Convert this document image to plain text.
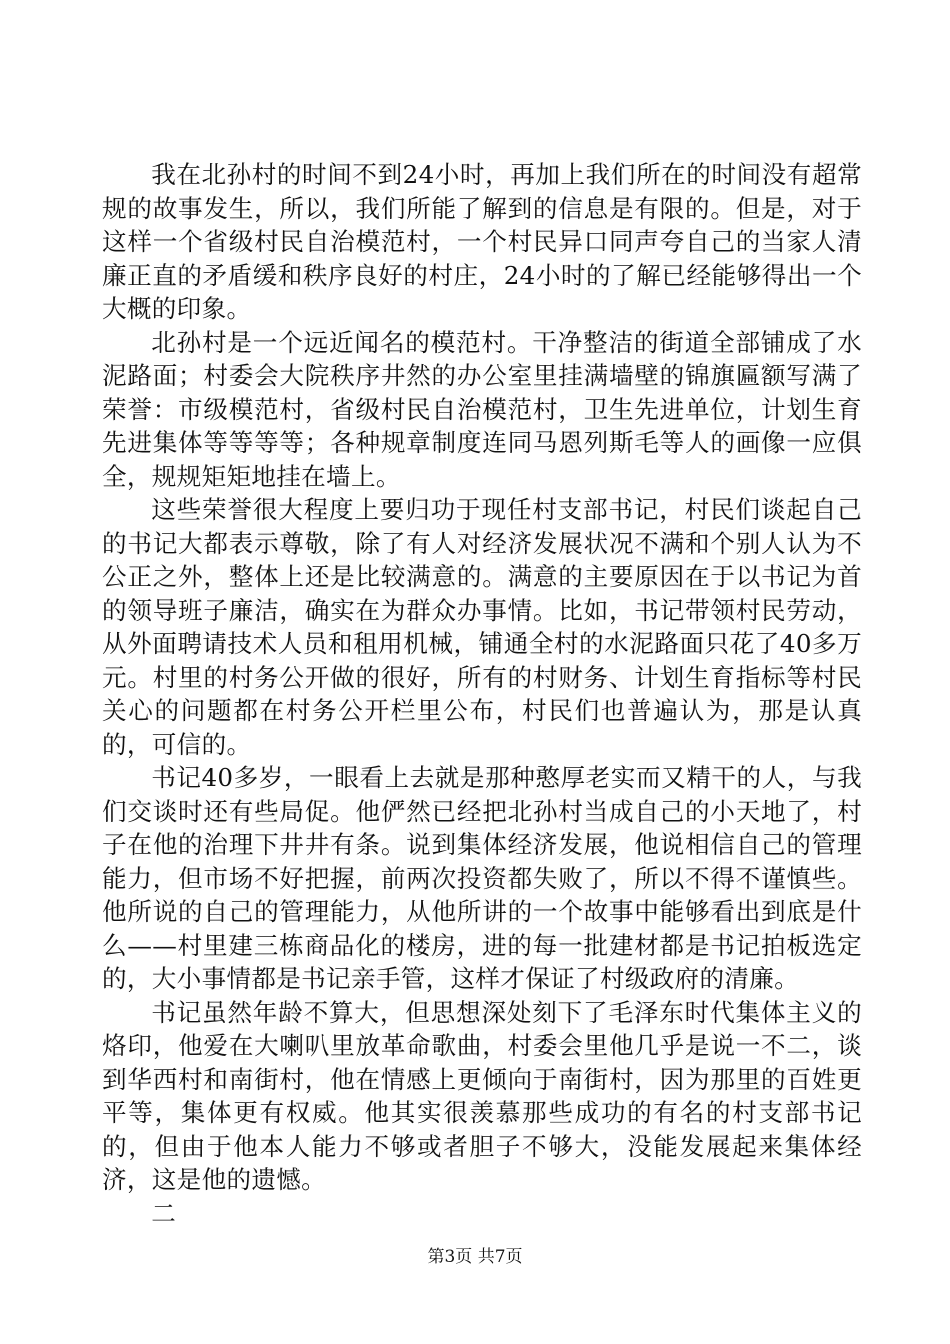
我在北孙村的时间不到24小时，再加上我们所在的时间没有超常规的故事发生，所以，我们所能了解到的信息是有限的。但是，对于这样一个省级村民自治模范村，一个村民异口同声夸自己的当家人清廉正直的矛盾缓和秩序良好的村庄，24小时的了解已经能够得出一个大概的印象。

北孙村是一个远近闻名的模范村。干净整洁的街道全部铺成了水泥路面；村委会大院秩序井然的办公室里挂满墙壁的锦旗匾额写满了荣誉：市级模范村，省级村民自治模范村，卫生先进单位，计划生育先进集体等等等等；各种规章制度连同马恩列斯毛等人的画像一应俱全，规规矩矩地挂在墙上。

这些荣誉很大程度上要归功于现任村支部书记，村民们谈起自己的书记大都表示尊敬，除了有人对经济发展状况不满和个别人认为不公正之外，整体上还是比较满意的。满意的主要原因在于以书记为首的领导班子廉洁，确实在为群众办事情。比如，书记带领村民劳动，从外面聘请技术人员和租用机械，铺通全村的水泥路面只花了40多万元。村里的村务公开做的很好，所有的村财务、计划生育指标等村民关心的问题都在村务公开栏里公布，村民们也普遍认为，那是认真的，可信的。

书记40多岁，一眼看上去就是那种憨厚老实而又精干的人，与我们交谈时还有些局促。他俨然已经把北孙村当成自己的小天地了，村子在他的治理下井井有条。说到集体经济发展，他说相信自己的管理能力，但市场不好把握，前两次投资都失败了，所以不得不谨慎些。他所说的自己的管理能力，从他所讲的一个故事中能够看出到底是什么——村里建三栋商品化的楼房，进的每一批建材都是书记拍板选定的，大小事情都是书记亲手管，这样才保证了村级政府的清廉。

书记虽然年龄不算大，但思想深处刻下了毛泽东时代集体主义的烙印，他爱在大喇叭里放革命歌曲，村委会里他几乎是说一不二，谈到华西村和南街村，他在情感上更倾向于南街村，因为那里的百姓更平等，集体更有权威。他其实很羡慕那些成功的有名的村支部书记的，但由于他本人能力不够或者胆子不够大，没能发展起来集体经济，这是他的遗憾。

二

第3页 共7页
